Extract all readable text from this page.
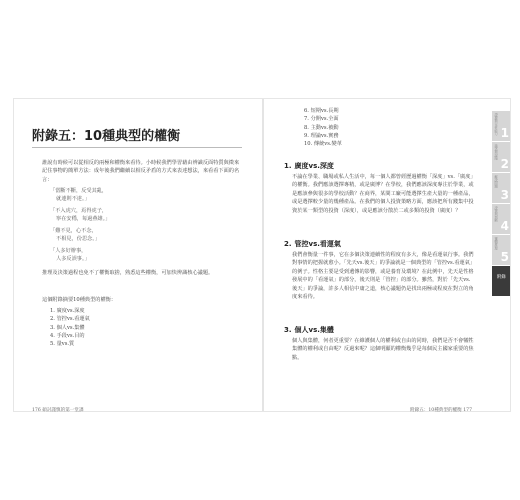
附錄五：10種典型的權衡
誰說有時候可以從相反的兩極和權衡來看待。小時候我們學習藉由辨識反面特質與徵來記住事物的簡單方法：成年後我們繼續以相反矛盾的方式來表達想法，來看看下面的名言：
「當斷不斷，反受其亂，
就連則不達。」
「不入虎穴，焉得虎子，
寧在安穩，每過燕雄。」
「難不見，心不念，
不相見，份思念。」
「人多好辦事，
人多反誤事。」
推理及決策過程也免不了權衡取捨，熟悉這些權衡，可加快辨識核心議題。
這個附錄摘要10種典型的權衡：
1. 廣度vs.深度
2. 管控vs.看運氣
3. 個人vs.集體
4. 手段vs.目的
5. 量vs.質
176 碩討謹慎的第一堂課
6. 短期vs.長期
7. 分開vs.全面
8. 主動vs.被動
9. 理論vs.實務
10. 傳統vs.變革
1. 廣度vs.深度
不論在學業、職場或私人生活中，每一個人都曾經歷過權衡「深度」vs.「廣度」的權衡。我們應該選擇專精，或是廣博？在學校，我們應該深度專注於學業，或是應該參與很多的學校活動？在商界，某間工廠可能選擇生產大量的一種產品，或是選擇較少量的幾種產品。在我們的個人投資策略方面，應該把所有錢集中投資於某一類型的投資（深度），或是應該分散於二或多類的投資（廣度）？
2. 管控vs.看運氣
我們會衡量一件事，它在多個決策連續性的程度有多大，像是看運氣行事。我們對事情的把握就愈小。「先天vs.後天」的爭論就是一個典型的「管控vs.看運氣」的例子。性格主要是受到遺傳的影響，或是養育及環境？在此例中，先天是性格發展中的「看運氣」的部分，後天則是「管控」的部分。雖然，對於「先天vs.後天」的爭論，許多人相信中庸之道，核心議題仍是找出兩極或程度在對立的角度來看待。
3. 個人vs.集體
個人與集體，何者更重要？在維護個人的權利或自由的同時，我們是否不會犧牲集體的權利或自由呢？反過來呢？這個明顯的權衡幾乎是每個民主國家重要的焦點。
附錄五：10種典型的權衡 177
證據與分析能力 1
論述與說服
2
解決問題
3
決策與判斷
4
邏輯推理
5
附錄
